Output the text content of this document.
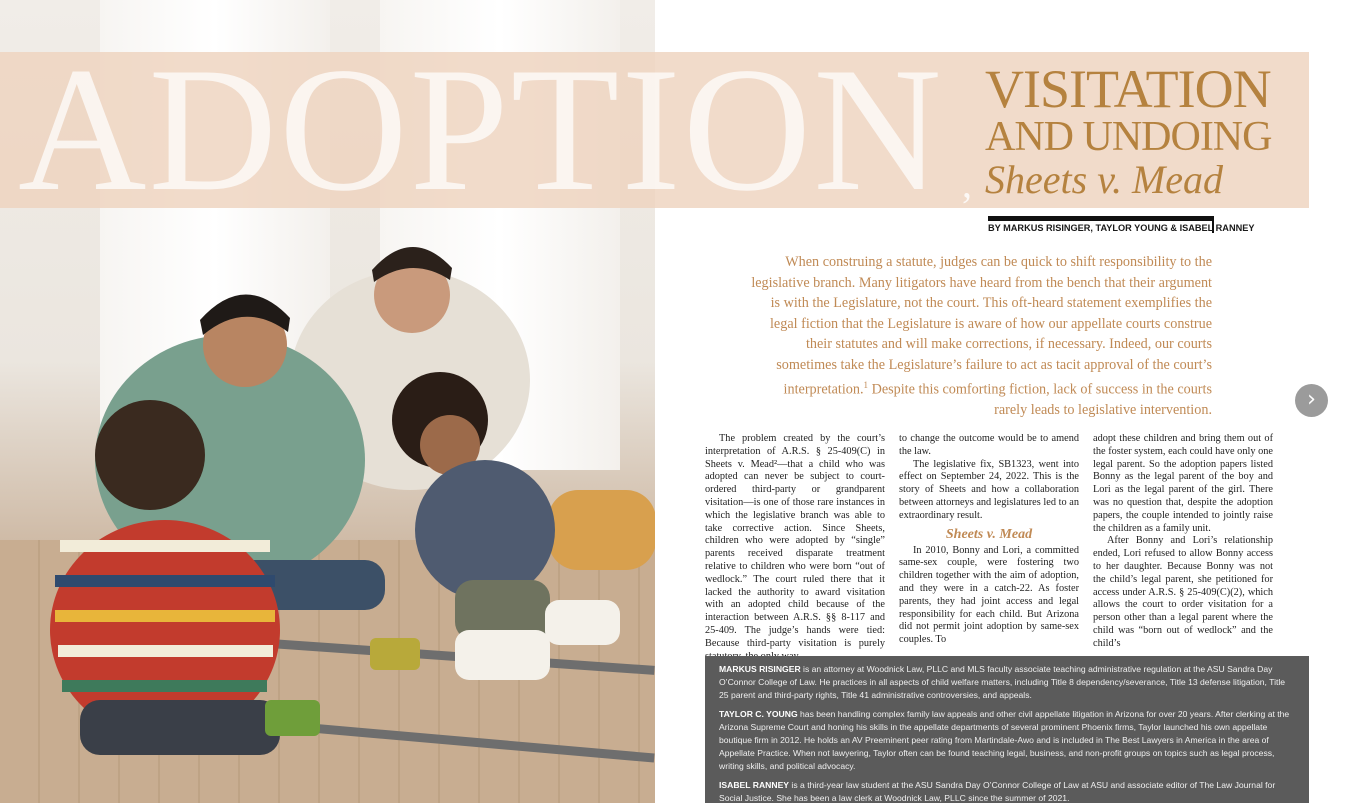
ADOPTION ,
VISITATION
AND UNDOING
Sheets v. Mead
BY MARKUS RISINGER, TAYLOR YOUNG & ISABEL RANNEY
When construing a statute, judges can be quick to shift responsibility to the legislative branch. Many litigators have heard from the bench that their argument is with the Legislature, not the court. This oft-heard statement exemplifies the legal fiction that the Legislature is aware of how our appellate courts construe their statutes and will make corrections, if necessary. Indeed, our courts sometimes take the Legislature’s failure to act as tacit approval of the court’s interpretation.$^1$ Despite this comforting fiction, lack of success in the courts rarely leads to legislative intervention.

The problem created by the court’s interpretation of A.R.S. § 25-409(C) in Sheets v. Mead²—that a child who was adopted can never be subject to court-ordered third-party or grandparent visitation—is one of those rare instances in which the legislative branch was able to take corrective action. Since Sheets, children who were adopted by “single” parents received disparate treatment relative to children who were born “out of wedlock.” The court ruled there that it lacked the authority to award visitation with an adopted child because of the interaction between A.R.S. §§ 8-117 and 25-409. The judge’s hands were tied: Because third-party visitation is purely

to change the outcome would be to amend the law.

The legislative fix, SB1323, went into effect on September 24, 2022. This is the story of Sheets and how a collaboration between attorneys and legislatures led to an extraordinary result.

Sheets v. Mead

In 2010, Bonny and Lori, a committed same-sex couple, were fostering two children together with the aim of adoption, and they were in a catch-22. As foster parents, they had joint access and legal responsibility for each child. But Arizona did not permit joint adoption by same-sex couples. To

adopt these children and bring them out of the foster system, each could have only one legal parent. So the adoption papers listed Bonny as the legal parent of the boy and Lori as the legal parent of the girl. There was no question that, despite the adoption papers, the couple intended to jointly raise the children as a family unit.

After Bonny and Lori’s relationship ended, Lori refused to allow Bonny access to her daughter. Because Bonny was not the child’s legal parent, she petitioned for access under A.R.S. § 25-409(C)(2), which allows the court to order visitation for a person other than a legal parent where the child was “born out of wedlock” and the child’s

›

MARKUS RISINGER is an attorney at Woodnick Law, PLLC and MLS faculty associate teaching administrative regulation at the ASU Sandra Day O’Connor College of Law. He practices in all aspects of child welfare matters, including Title 8 dependency/severance, Title 13 defense litigation, Title 25 parent and third-party rights, Title 41 administrative controversies, and appeals.

TAYLOR C. YOUNG has been handling complex family law appeals and other civil appellate litigation in Arizona for over 20 years. After clerking at the Arizona Supreme Court and honing his skills in the appellate departments of several prominent Phoenix firms, Taylor launched his own appellate boutique firm in 2012. He holds an AV Preeminent peer rating from Martindale-Awo and is included in The Best Lawyers in America in the area of Appellate Practice. When not lawyering, Taylor often can be found teaching legal, business, and non-profit groups on topics such as legal process, writing skills, and political advocacy.

ISABEL RANNEY is a third-year law student at the ASU Sandra Day O’Connor College of Law at ASU and associate editor of The Law Journal for Social Justice. She has been a law clerk at Woodnick Law, PLLC since the summer of 2021.
